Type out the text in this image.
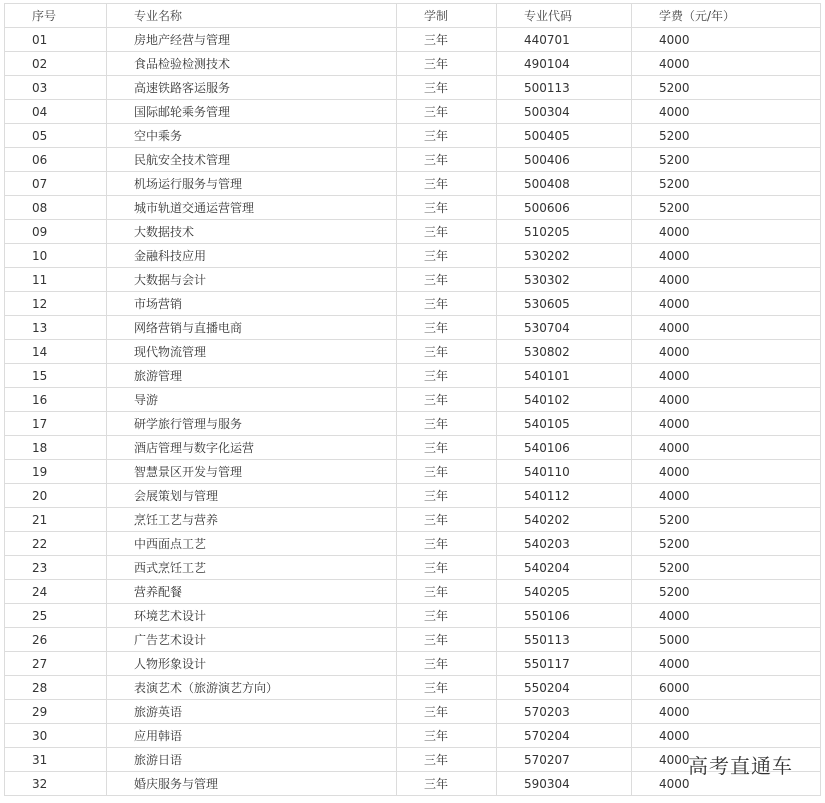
序号	专业名称	学制	专业代码	学费（元/年）
01	房地产经营与管理	三年	440701	4000
02	食品检验检测技术	三年	490104	4000
03	高速铁路客运服务	三年	500113	5200
04	国际邮轮乘务管理	三年	500304	4000
05	空中乘务	三年	500405	5200
06	民航安全技术管理	三年	500406	5200
07	机场运行服务与管理	三年	500408	5200
08	城市轨道交通运营管理	三年	500606	5200
09	大数据技术	三年	510205	4000
10	金融科技应用	三年	530202	4000
11	大数据与会计	三年	530302	4000
12	市场营销	三年	530605	4000
13	网络营销与直播电商	三年	530704	4000
14	现代物流管理	三年	530802	4000
15	旅游管理	三年	540101	4000
16	导游	三年	540102	4000
17	研学旅行管理与服务	三年	540105	4000
18	酒店管理与数字化运营	三年	540106	4000
19	智慧景区开发与管理	三年	540110	4000
20	会展策划与管理	三年	540112	4000
21	烹饪工艺与营养	三年	540202	5200
22	中西面点工艺	三年	540203	5200
23	西式烹饪工艺	三年	540204	5200
24	营养配餐	三年	540205	5200
25	环境艺术设计	三年	550106	4000
26	广告艺术设计	三年	550113	5000
27	人物形象设计	三年	550117	4000
28	表演艺术（旅游演艺方向）	三年	550204	6000
29	旅游英语	三年	570203	4000
30	应用韩语	三年	570204	4000
31	旅游日语	三年	570207	4000
32	婚庆服务与管理	三年	590304	4000
高考直通车
